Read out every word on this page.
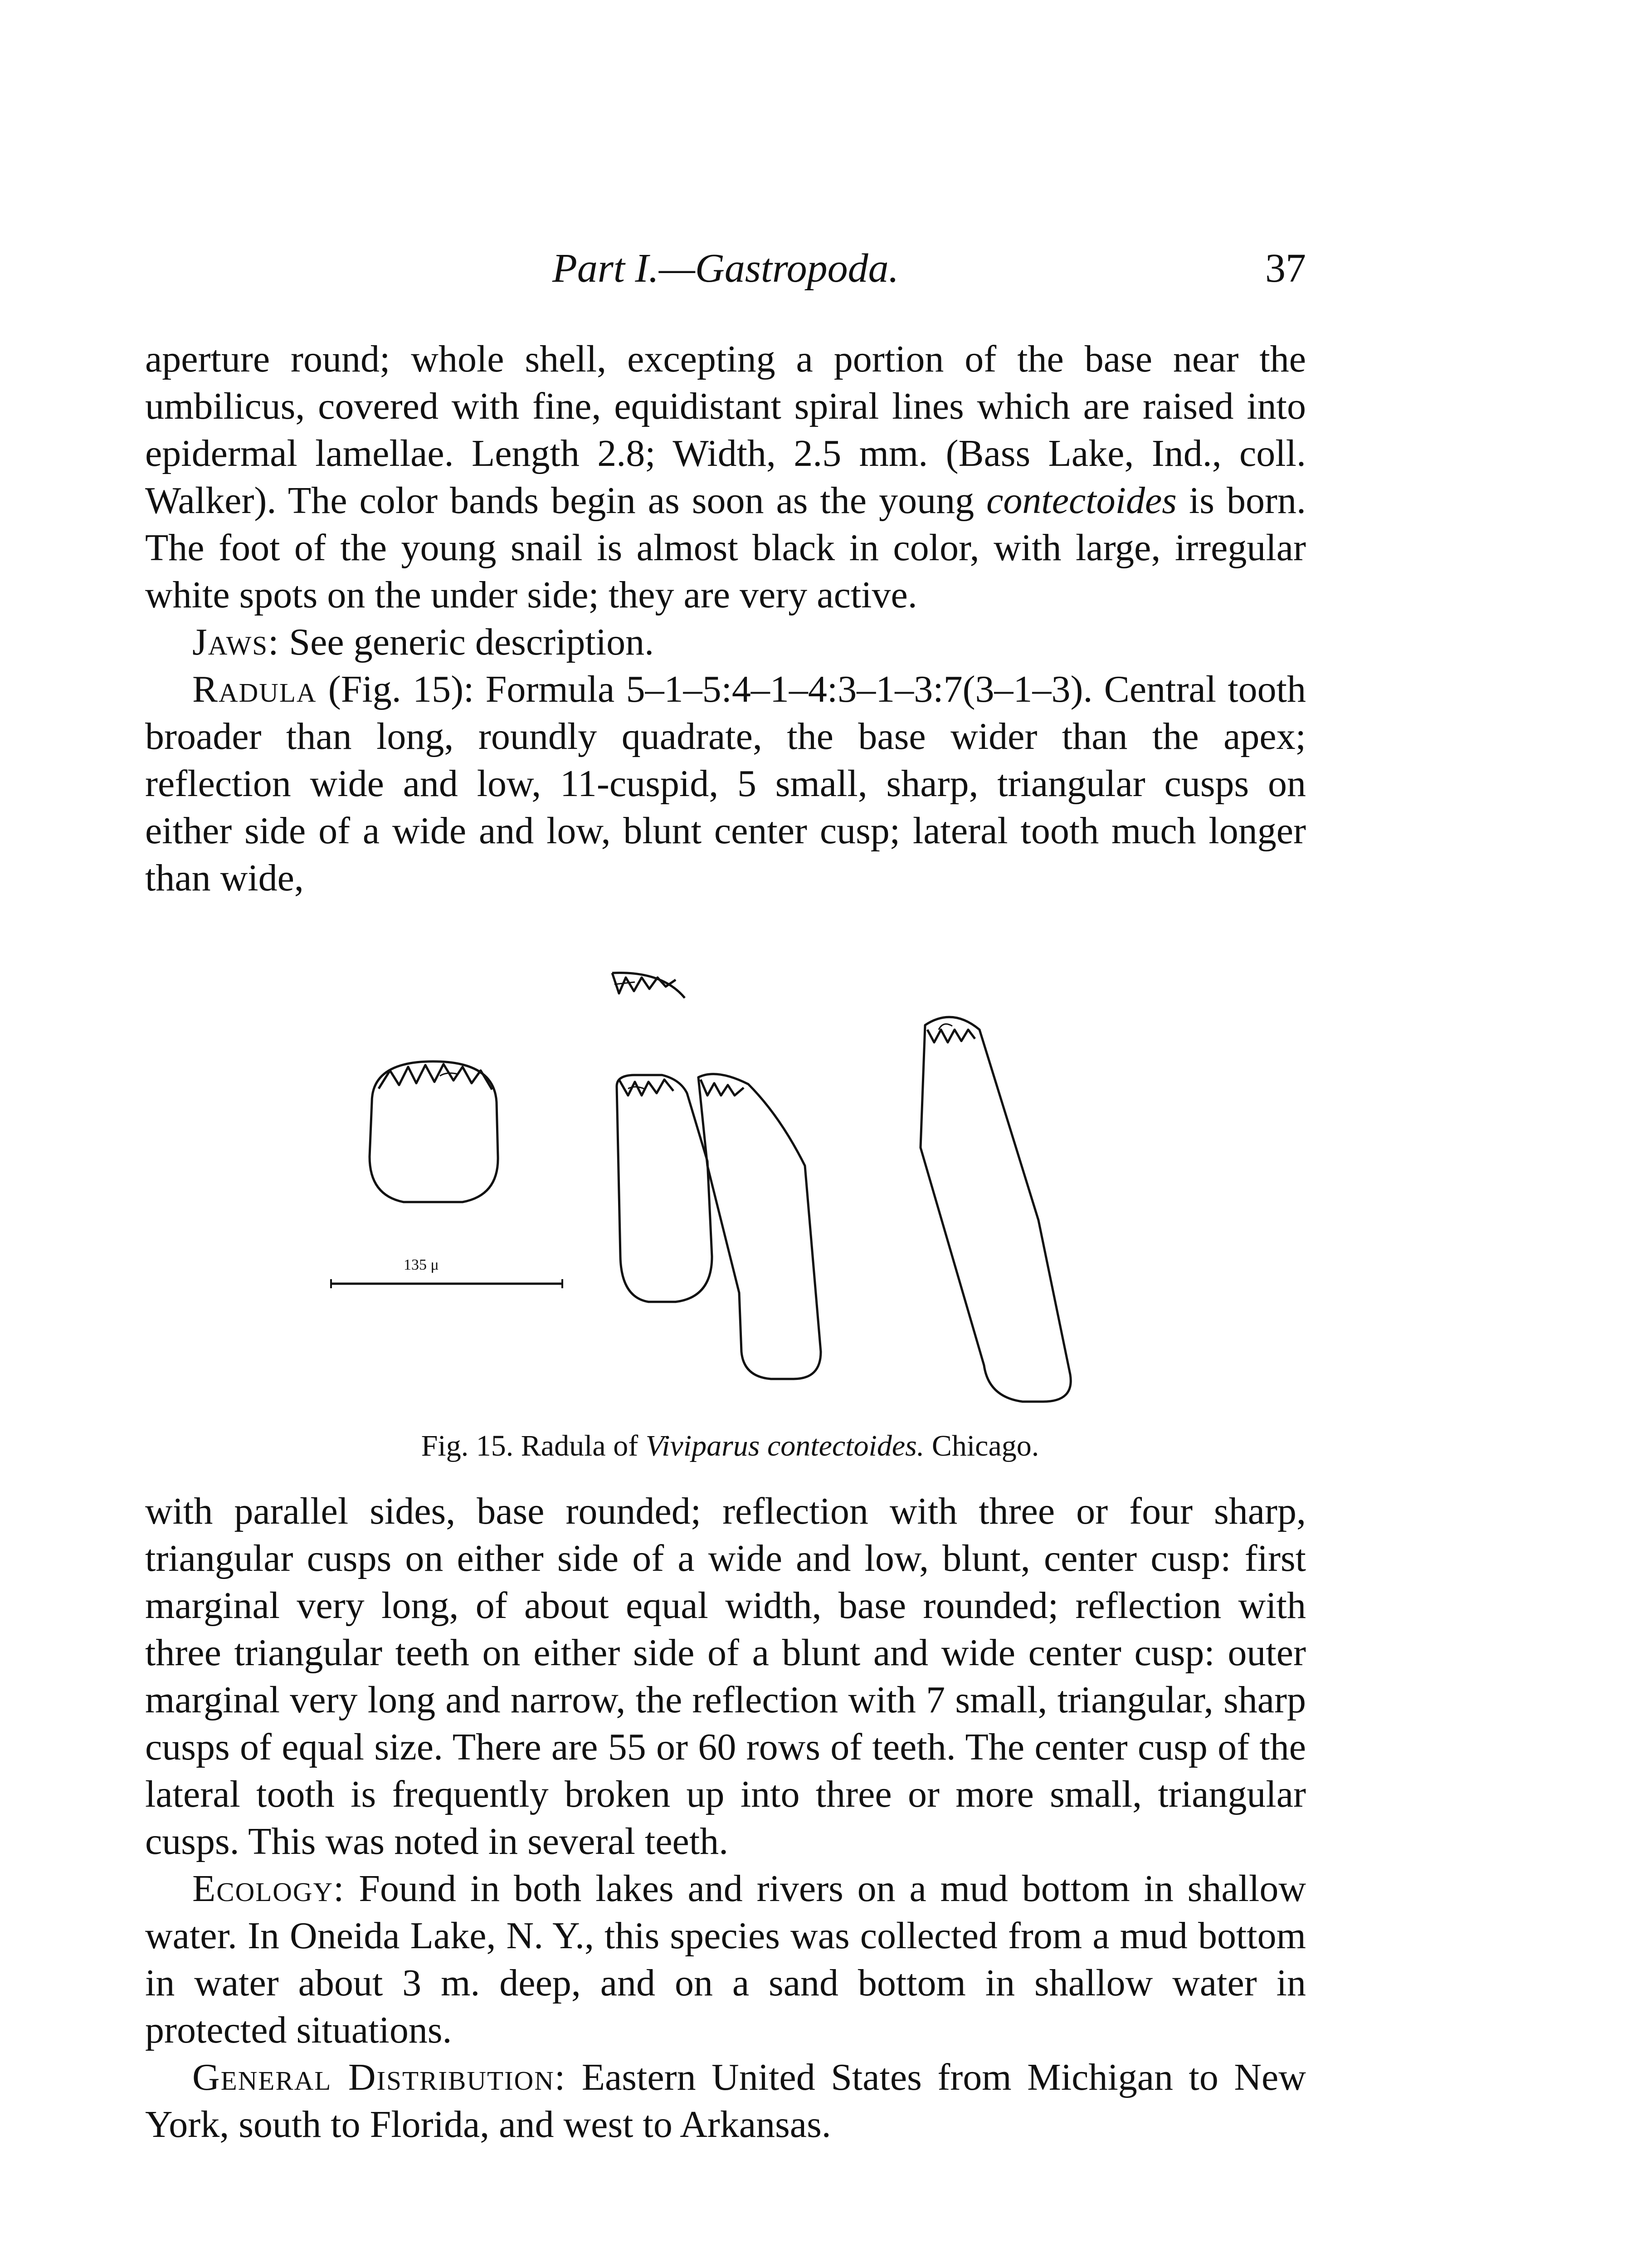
Part I.—Gastropoda.	37

aperture round; whole shell, excepting a portion of the base near the umbilicus, covered with fine, equidistant spiral lines which are raised into epidermal lamellae. Length 2.8; Width, 2.5 mm. (Bass Lake, Ind., coll. Walker). The color bands begin as soon as the young contectoides is born. The foot of the young snail is almost black in color, with large, irregular white spots on the under side; they are very active.

Jaws: See generic description.

Radula (Fig. 15): Formula 5–1–5:4–1–4:3–1–3:7(3–1–3). Central tooth broader than long, roundly quadrate, the base wider than the apex; reflection wide and low, 11-cuspid, 5 small, sharp, triangular cusps on either side of a wide and low, blunt center cusp; lateral tooth much longer than wide,

135 μ
Fig. 15. Radula of Viviparus contectoides. Chicago.

with parallel sides, base rounded; reflection with three or four sharp, triangular cusps on either side of a wide and low, blunt, center cusp: first marginal very long, of about equal width, base rounded; reflection with three triangular teeth on either side of a blunt and wide center cusp: outer marginal very long and narrow, the reflection with 7 small, triangular, sharp cusps of equal size. There are 55 or 60 rows of teeth. The center cusp of the lateral tooth is frequently broken up into three or more small, triangular cusps. This was noted in several teeth.

Ecology: Found in both lakes and rivers on a mud bottom in shallow water. In Oneida Lake, N. Y., this species was collected from a mud bottom in water about 3 m. deep, and on a sand bottom in shallow water in protected situations.

General Distribution: Eastern United States from Michigan to New York, south to Florida, and west to Arkansas.
